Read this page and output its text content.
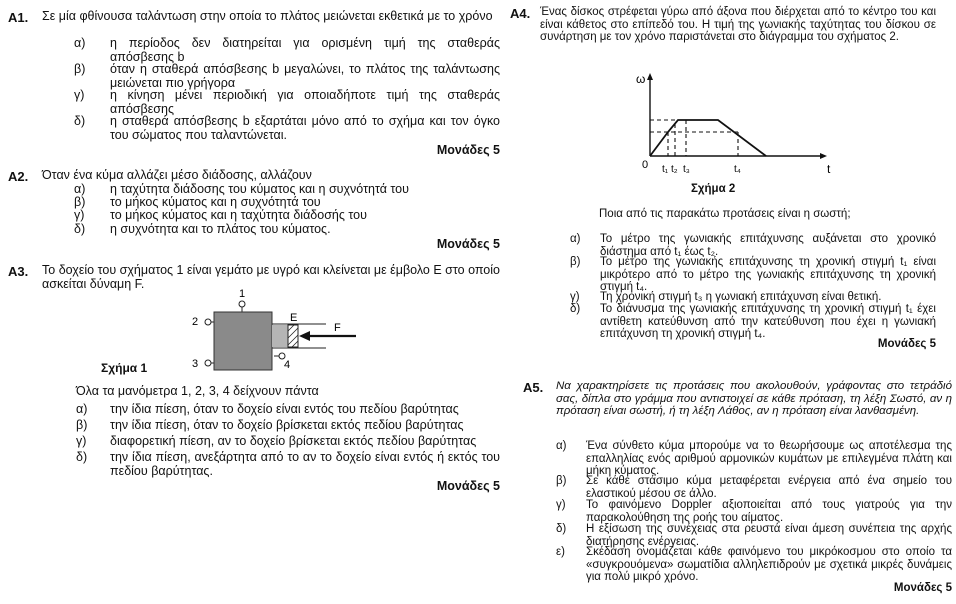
A1. Σε μία φθίνουσα ταλάντωση στην οποία το πλάτος μειώνεται εκθετικά με το χρόνο
α) η περίοδος δεν διατηρείται για ορισμένη τιμή της σταθεράς απόσβεσης b
β) όταν η σταθερά απόσβεσης b μεγαλώνει, το πλάτος της ταλάντωσης μειώνεται πιο γρήγορα
γ) η κίνηση μένει περιοδική για οποιαδήποτε τιμή της σταθεράς απόσβεσης
δ) η σταθερά απόσβεσης b εξαρτάται μόνο από το σχήμα και τον όγκο του σώματος που ταλαντώνεται.
Μονάδες 5
A2. Όταν ένα κύμα αλλάζει μέσο διάδοσης, αλλάζουν
α) η ταχύτητα διάδοσης του κύματος και η συχνότητά του
β) το μήκος κύματος και η συχνότητά του
γ) το μήκος κύματος και η ταχύτητα διάδοσής του
δ) η συχνότητα και το πλάτος του κύματος.
Μονάδες 5
A3. Το δοχείο του σχήματος 1 είναι γεμάτο με υγρό και κλείνεται με έμβολο Ε στο οποίο ασκείται δύναμη F.
1
2
3
E
F
4
Σχήμα 1
Όλα τα μανόμετρα 1, 2, 3, 4 δείχνουν πάντα
α) την ίδια πίεση, όταν το δοχείο είναι εντός του πεδίου βαρύτητας
β) την ίδια πίεση, όταν το δοχείο βρίσκεται εκτός πεδίου βαρύτητας
γ) διαφορετική πίεση, αν το δοχείο βρίσκεται εκτός πεδίου βαρύτητας
δ) την ίδια πίεση, ανεξάρτητα από το αν το δοχείο είναι εντός ή εκτός του πεδίου βαρύτητας.
Μονάδες 5
A4. Ένας δίσκος στρέφεται γύρω από άξονα που διέρχεται από το κέντρο του και είναι κάθετος στο επίπεδό του. Η τιμή της γωνιακής ταχύτητας του δίσκου σε συνάρτηση με τον χρόνο παριστάνεται στο διάγραμμα του σχήματος 2.
ω
t
0 t₁ t₂ t₃	t₄
Σχήμα 2
Ποια από τις παρακάτω προτάσεις είναι η σωστή;
α) Το μέτρο της γωνιακής επιτάχυνσης αυξάνεται στο χρονικό διάστημα από t₁ έως t₂.
β) Το μέτρο της γωνιακής επιτάχυνσης τη χρονική στιγμή t₁ είναι μικρότερο από το μέτρο της γωνιακής επιτάχυνσης τη χρονική στιγμή t₄.
γ) Τη χρονική στιγμή t₃ η γωνιακή επιτάχυνση είναι θετική.
δ) Το διάνυσμα της γωνιακής επιτάχυνσης τη χρονική στιγμή t₁ έχει αντίθετη κατεύθυνση από την κατεύθυνση που έχει η γωνιακή επιτάχυνση τη χρονική στιγμή t₄.
Μονάδες 5
A5. Να χαρακτηρίσετε τις προτάσεις που ακολουθούν, γράφοντας στο τετράδιό σας, δίπλα στο γράμμα που αντιστοιχεί σε κάθε πρόταση, τη λέξη Σωστό, αν η πρόταση είναι σωστή, ή τη λέξη Λάθος, αν η πρόταση είναι λανθασμένη.
α) Ένα σύνθετο κύμα μπορούμε να το θεωρήσουμε ως αποτέλεσμα της επαλληλίας ενός αριθμού αρμονικών κυμάτων με επιλεγμένα πλάτη και μήκη κύματος.
β) Σε κάθε στάσιμο κύμα μεταφέρεται ενέργεια από ένα σημείο του ελαστικού μέσου σε άλλο.
γ) Το φαινόμενο Doppler αξιοποιείται από τους γιατρούς για την παρακολούθηση της ροής του αίματος.
δ) Η εξίσωση της συνέχειας στα ρευστά είναι άμεση συνέπεια της αρχής διατήρησης ενέργειας.
ε) Σκέδαση ονομάζεται κάθε φαινόμενο του μικρόκοσμου στο οποίο τα «συγκρουόμενα» σωματίδια αλληλεπιδρούν με σχετικά μικρές δυνάμεις για πολύ μικρό χρόνο.
Μονάδες 5
